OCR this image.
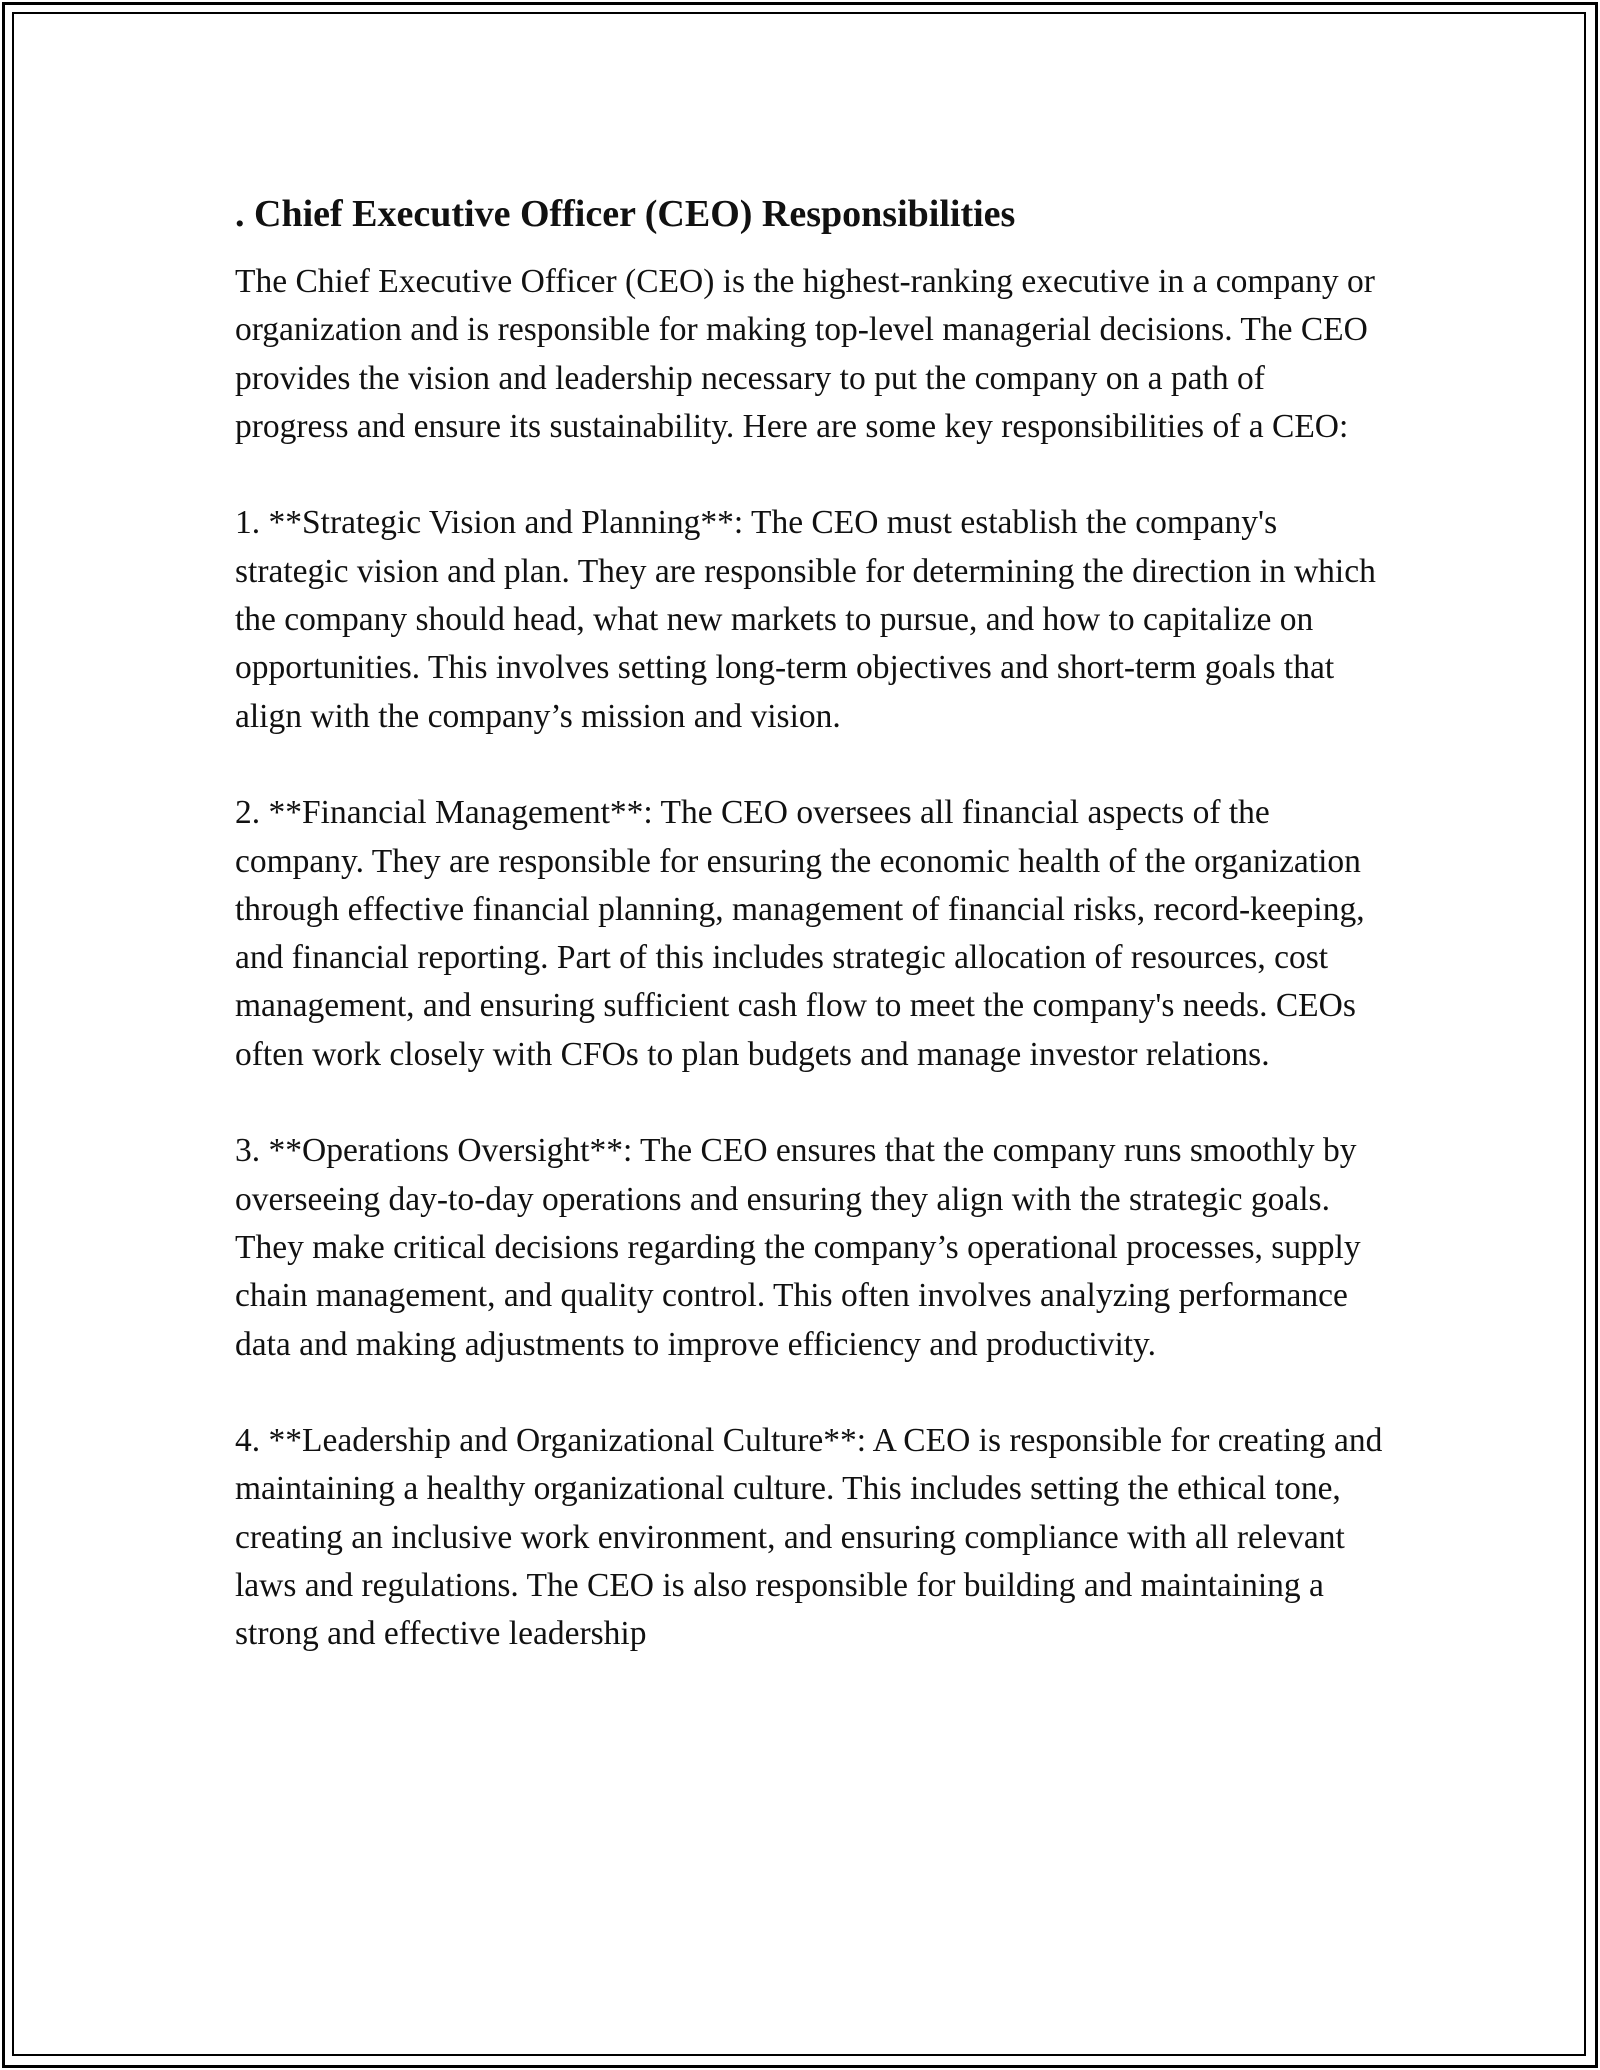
. Chief Executive Officer (CEO) Responsibilities

The Chief Executive Officer (CEO) is the highest-ranking executive in a company or organization and is responsible for making top-level managerial decisions. The CEO provides the vision and leadership necessary to put the company on a path of progress and ensure its sustainability. Here are some key responsibilities of a CEO:

1. **Strategic Vision and Planning**: The CEO must establish the company's strategic vision and plan. They are responsible for determining the direction in which the company should head, what new markets to pursue, and how to capitalize on opportunities. This involves setting long-term objectives and short-term goals that align with the company’s mission and vision.

2. **Financial Management**: The CEO oversees all financial aspects of the company. They are responsible for ensuring the economic health of the organization through effective financial planning, management of financial risks, record-keeping, and financial reporting. Part of this includes strategic allocation of resources, cost management, and ensuring sufficient cash flow to meet the company's needs. CEOs often work closely with CFOs to plan budgets and manage investor relations.

3. **Operations Oversight**: The CEO ensures that the company runs smoothly by overseeing day-to-day operations and ensuring they align with the strategic goals. They make critical decisions regarding the company’s operational processes, supply chain management, and quality control. This often involves analyzing performance data and making adjustments to improve efficiency and productivity.

4. **Leadership and Organizational Culture**: A CEO is responsible for creating and maintaining a healthy organizational culture. This includes setting the ethical tone, creating an inclusive work environment, and ensuring compliance with all relevant laws and regulations. The CEO is also responsible for building and maintaining a strong and effective leadership
